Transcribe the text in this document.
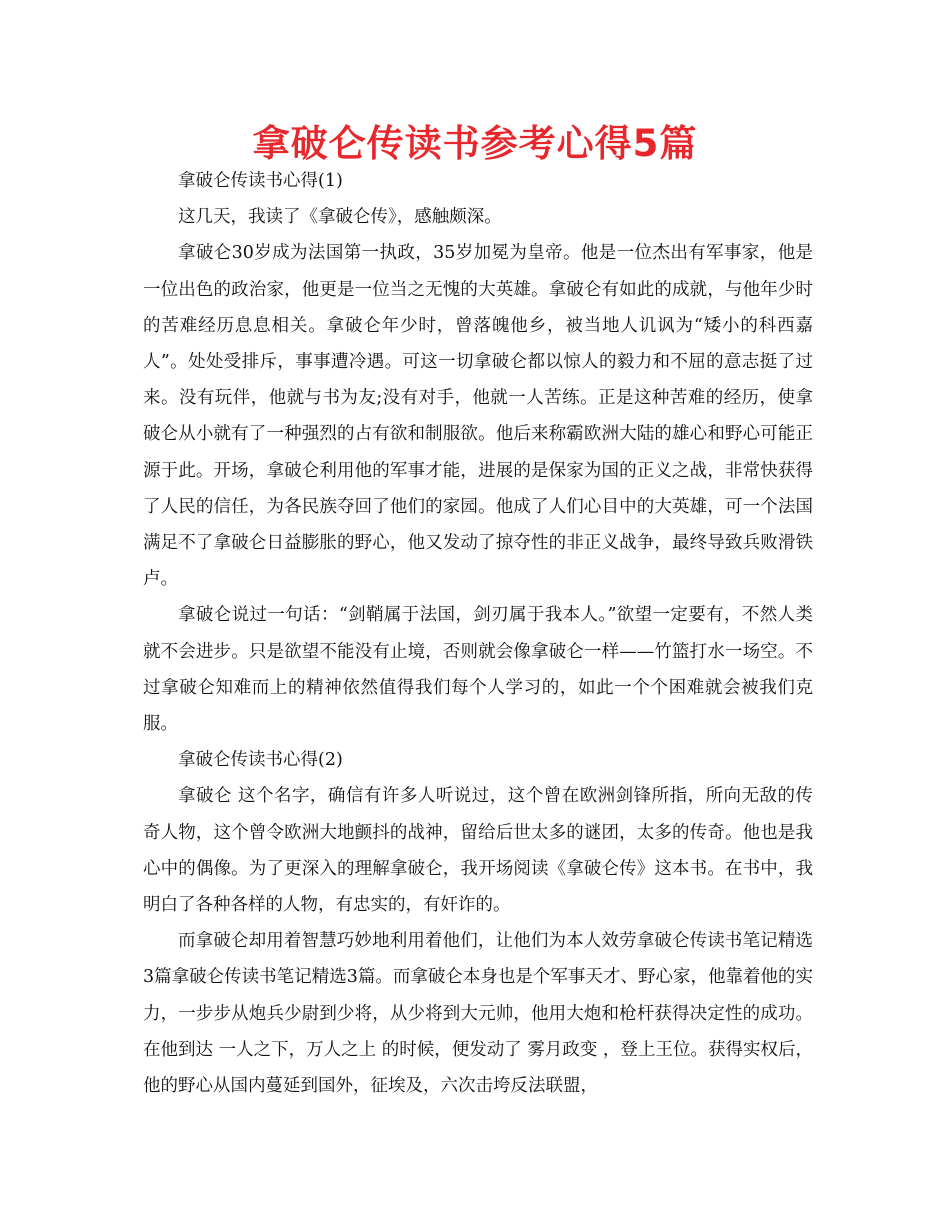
拿破仑传读书参考心得5篇

拿破仑传读书心得(1)

这几天，我读了《拿破仑传》，感触颇深。

拿破仑30岁成为法国第一执政，35岁加冕为皇帝。他是一位杰出有军事家，他是一位出色的政治家，他更是一位当之无愧的大英雄。拿破仑有如此的成就，与他年少时的苦难经历息息相关。拿破仑年少时，曾落魄他乡，被当地人讥讽为“矮小的科西嘉人”。处处受排斥，事事遭冷遇。可这一切拿破仑都以惊人的毅力和不屈的意志挺了过来。没有玩伴，他就与书为友;没有对手，他就一人苦练。正是这种苦难的经历，使拿破仑从小就有了一种强烈的占有欲和制服欲。他后来称霸欧洲大陆的雄心和野心可能正源于此。开场，拿破仑利用他的军事才能，进展的是保家为国的正义之战，非常快获得了人民的信任，为各民族夺回了他们的家园。他成了人们心目中的大英雄，可一个法国满足不了拿破仑日益膨胀的野心，他又发动了掠夺性的非正义战争，最终导致兵败滑铁卢。

拿破仑说过一句话：“剑鞘属于法国，剑刃属于我本人。”欲望一定要有，不然人类就不会进步。只是欲望不能没有止境，否则就会像拿破仑一样——竹篮打水一场空。不过拿破仑知难而上的精神依然值得我们每个人学习的，如此一个个困难就会被我们克服。

拿破仑传读书心得(2)

拿破仑 这个名字，确信有许多人听说过，这个曾在欧洲剑锋所指，所向无敌的传奇人物，这个曾令欧洲大地颤抖的战神，留给后世太多的谜团，太多的传奇。他也是我心中的偶像。为了更深入的理解拿破仑，我开场阅读《拿破仑传》这本书。在书中，我明白了各种各样的人物，有忠实的，有奸诈的。

而拿破仑却用着智慧巧妙地利用着他们，让他们为本人效劳拿破仑传读书笔记精选3篇拿破仑传读书笔记精选3篇。而拿破仑本身也是个军事天才、野心家，他靠着他的实力，一步步从炮兵少尉到少将，从少将到大元帅，他用大炮和枪杆获得决定性的成功。在他到达 一人之下，万人之上 的时候，便发动了 雾月政变 ，登上王位。获得实权后，他的野心从国内蔓延到国外，征埃及，六次击垮反法联盟，
